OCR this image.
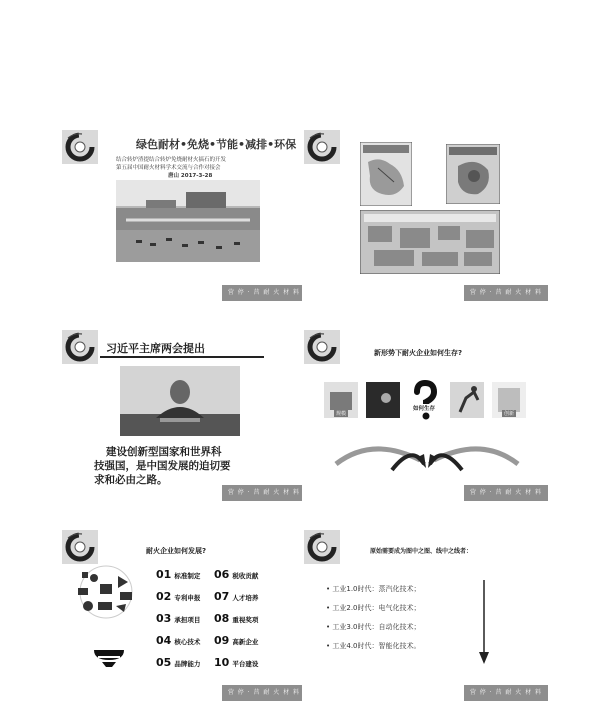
绿色耐材•免烧•节能•减排•环保
结合转炉渣提结合转炉免烧耐材火搞石的开发
第五届中国耐火材料学术交流与合作对接会
唐山 2017-3-28
营 停 · 莒 耐 火 材 料	营 停 · 莒 耐 火 材 料
习近平主席两会提出
建设创新型国家和世界科
技强国，是中国发展的迫切要
求和必由之路。
营 停 · 莒 耐 火 材 料
新形势下耐火企业如何生存?
规模
如何生存
创新
营 停 · 莒 耐 火 材 料
耐火企业如何发展?
01 标准制定
02 专利申报
03 承担项目
04 核心技术
05 品牌能力
06 税收贡献
07 人才培养
08 重视奖项
09 高新企业
10 平台建设
营 停 · 莒 耐 火 材 料
原始需要成为图中之图、线中之线者：
• 工业1.0时代：蒸汽化技术；
• 工业2.0时代：电气化技术；
• 工业3.0时代：自动化技术；
• 工业4.0时代：智能化技术。
营 停 · 莒 耐 火 材 料
